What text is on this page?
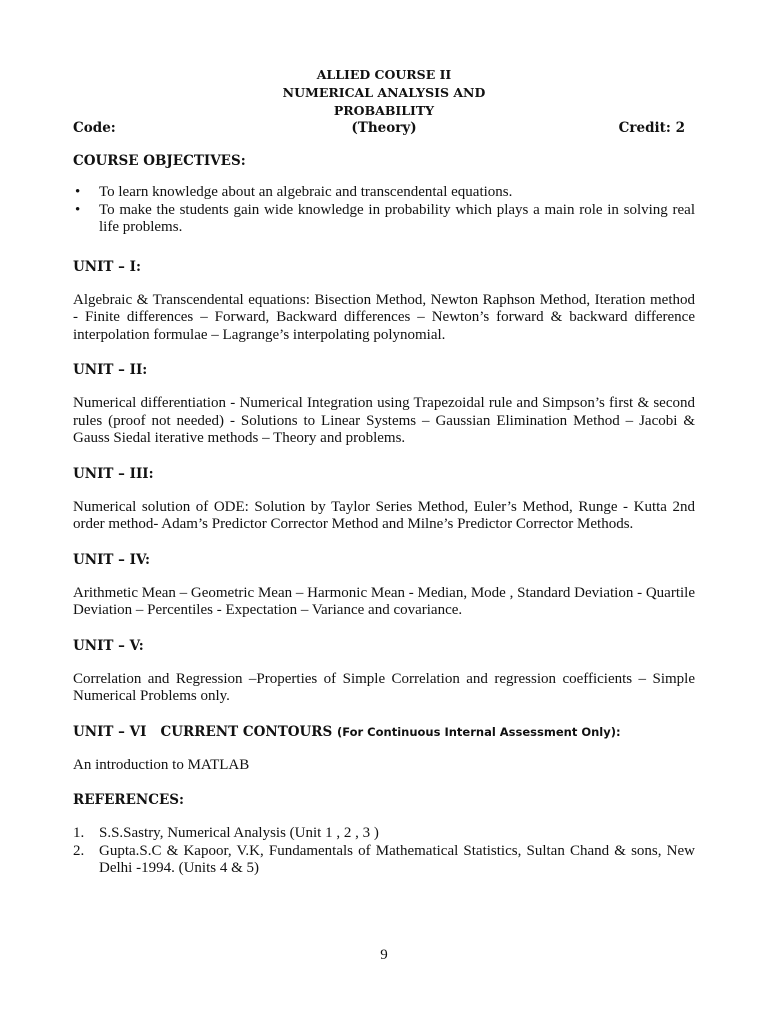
ALLIED COURSE II
NUMERICAL ANALYSIS AND
PROBABILITY
Code:	(Theory)	Credit: 2
COURSE OBJECTIVES:
• To learn knowledge about an algebraic and transcendental equations.
• To make the students gain wide knowledge in probability which plays a main role in solving real life problems.
UNIT – I:

Algebraic & Transcendental equations: Bisection Method, Newton Raphson Method, Iteration method - Finite differences – Forward, Backward differences – Newton’s forward & backward difference interpolation formulae – Lagrange’s interpolating polynomial.

UNIT – II:

Numerical differentiation - Numerical Integration using Trapezoidal rule and Simpson’s first & second rules (proof not needed) - Solutions to Linear Systems – Gaussian Elimination Method – Jacobi & Gauss Siedal iterative methods – Theory and problems.

UNIT – III:

Numerical solution of ODE: Solution by Taylor Series Method, Euler’s Method, Runge - Kutta 2nd order method- Adam’s Predictor Corrector Method and Milne’s Predictor Corrector Methods.

UNIT – IV:

Arithmetic Mean – Geometric Mean – Harmonic Mean - Median, Mode , Standard Deviation - Quartile Deviation – Percentiles - Expectation – Variance and covariance.

UNIT – V:

Correlation and Regression –Properties of Simple Correlation and regression coefficients – Simple Numerical Problems only.

UNIT – VI   CURRENT CONTOURS (For Continuous Internal Assessment Only):

An introduction to MATLAB

REFERENCES:
1. S.S.Sastry, Numerical Analysis (Unit 1 , 2 , 3 )
2. Gupta.S.C & Kapoor, V.K, Fundamentals of Mathematical Statistics, Sultan Chand & sons, New Delhi -1994. (Units 4 & 5)
9
